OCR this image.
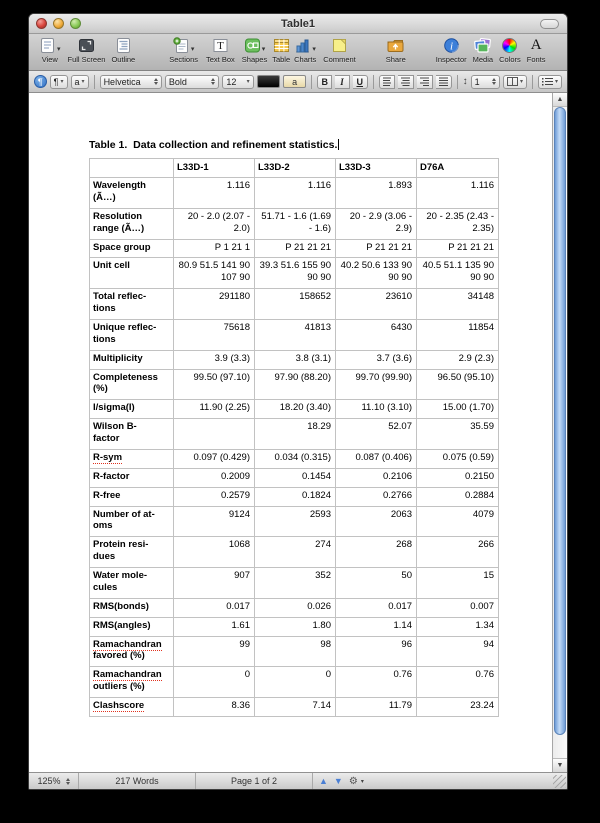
Table1
▾
View Full Screen Outline
▾
Sections
T
Text Box
▾
Shapes Table
▾
Charts Comment	Share
i
Inspector Media Colors
A
Fonts
¶	¶ ▾ a ▾ Helvetica	Bold	12 ▾	a	B	I	U	↕ 1	▾	▾
Table 1.  Data collection and refinement statistics.
	L33D-1	L33D-2	L33D-3	D76A
Wavelength
(Ã…)	1.116	1.116	1.893	1.116
Resolution
range (Ã…)	20 - 2.0 (2.07 - 2.0)	51.71 - 1.6 (1.69 - 1.6)	20 - 2.9 (3.06 - 2.9)	20 - 2.35 (2.43 - 2.35)
Space group	P 1 21 1	P 21 21 21	P 21 21 21	P 21 21 21
Unit cell	80.9 51.5 141 90 107 90	39.3 51.6 155 90 90 90	40.2 50.6 133 90 90 90	40.5 51.1 135 90 90 90
Total reflec-
tions	291180	158652	23610	34148
Unique reflec-
tions	75618	41813	6430	11854
Multiplicity	3.9 (3.3)	3.8 (3.1)	3.7 (3.6)	2.9 (2.3)
Completeness
(%)	99.50 (97.10)	97.90 (88.20)	99.70 (99.90)	96.50 (95.10)
I/sigma(I)	11.90 (2.25)	18.20 (3.40)	11.10 (3.10)	15.00 (1.70)
Wilson B-
factor		18.29	52.07	35.59
R-sym	0.097 (0.429)	0.034 (0.315)	0.087 (0.406)	0.075 (0.59)
R-factor	0.2009	0.1454	0.2106	0.2150
R-free	0.2579	0.1824	0.2766	0.2884
Number of at-
oms	9124	2593	2063	4079
Protein resi-
dues	1068	274	268	266
Water mole-
cules	907	352	50	15
RMS(bonds)	0.017	0.026	0.017	0.007
RMS(angles)	1.61	1.80	1.14	1.34
Ramachandran
favored (%)	99	98	96	94
Ramachandran
outliers (%)	0	0	0.76	0.76
Clashscore	8.36	7.14	11.79	23.24
▲
▼
125%	217 Words	Page 1 of 2	▲ ▼ ⚙ ▾
